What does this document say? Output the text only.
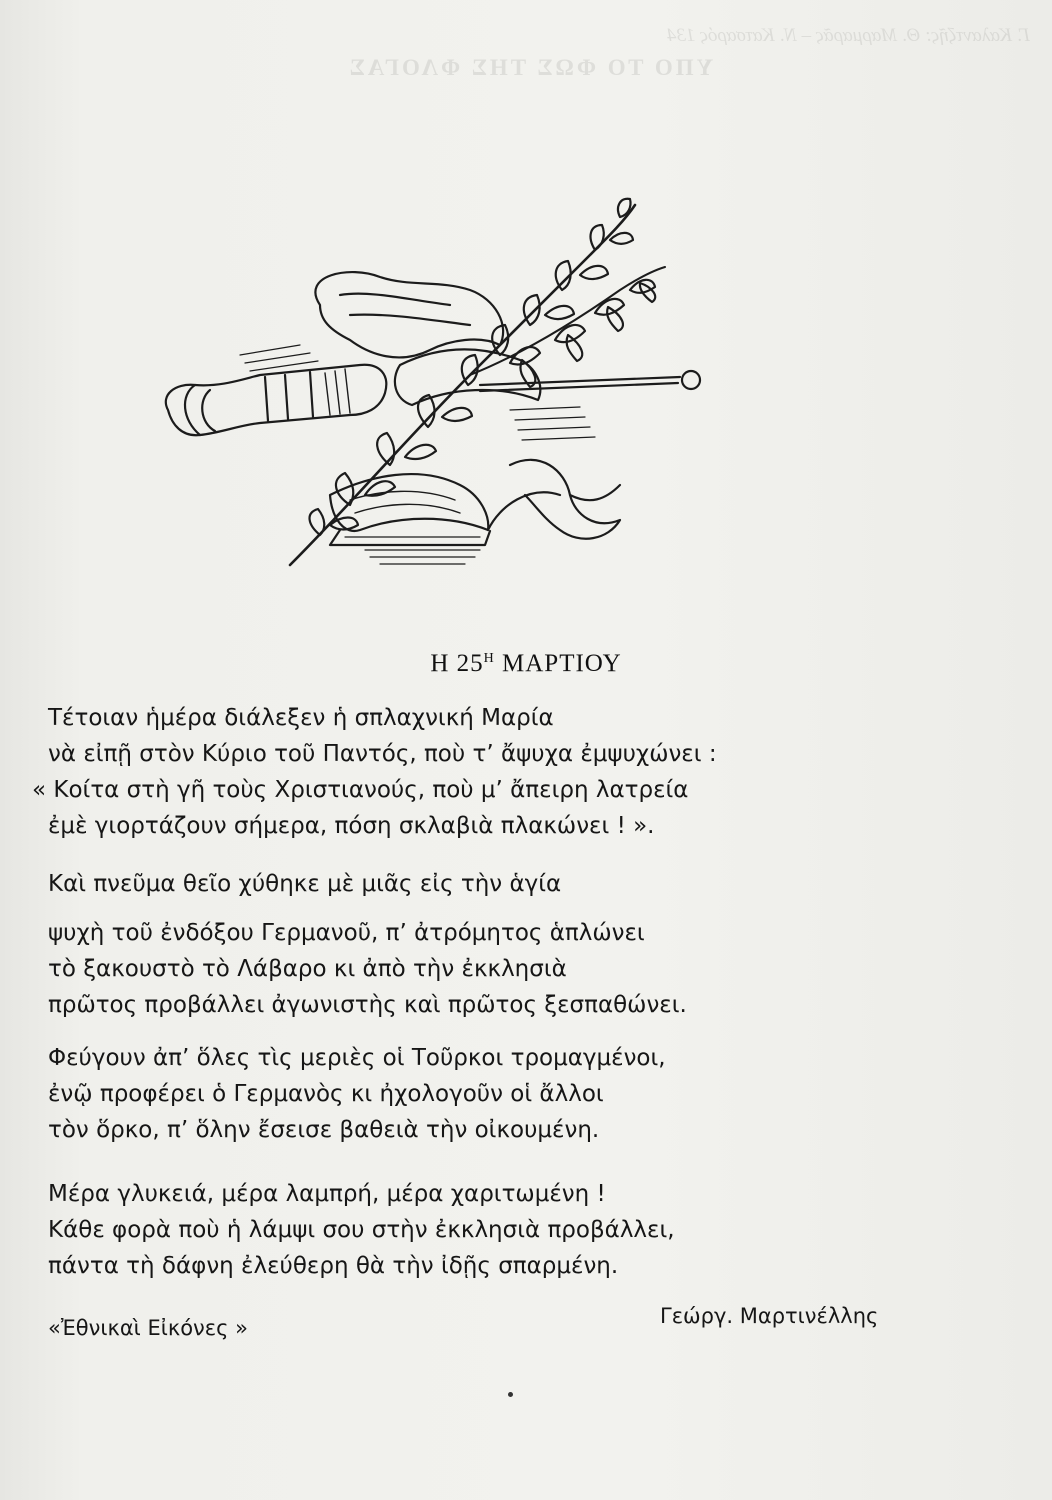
Γ. Καλαντζῆς: Θ. Μαρμαρᾶς – Ν. Κατσαρός 134
ΥΠΟ ΤΟ ΦΩΣ ΤΗΣ ΦΛΟΓΑΣ
Η $25^H$ ΜΑΡΤΙΟΥ
Τέτοιαν ἡμέρα διάλεξεν ἡ σπλαχνική Μαρία
νὰ εἰπῇ στὸν Κύριο τοῦ Παντός, ποὺ τ’ ἄψυχα ἐμψυχώνει :
« Κοίτα στὴ γῆ τοὺς Χριστιανούς, ποὺ μ’ ἄπειρη λατρεία
ἐμὲ γιορτάζουν σήμερα, πόση σκλαβιὰ πλακώνει ! ».
Καὶ πνεῦμα θεῖο χύθηκε μὲ μιᾶς εἰς τὴν ἁγία
ψυχὴ τοῦ ἐνδόξου Γερμανοῦ, π’ ἀτρόμητος ἁπλώνει
τὸ ξακουστὸ τὸ Λάβαρο κι ἀπὸ τὴν ἐκκλησιὰ
πρῶτος προβάλλει ἀγωνιστὴς καὶ πρῶτος ξεσπαθώνει.
Φεύγουν ἀπ’ ὅλες τὶς μεριὲς οἱ Τοῦρκοι τρομαγμένοι,
ἐνῷ προφέρει ὁ Γερμανὸς κι ἠχολογοῦν οἱ ἄλλοι
τὸν ὅρκο, π’ ὅλην ἔσεισε βαθειὰ τὴν οἰκουμένη.
Μέρα γλυκειά, μέρα λαμπρή, μέρα χαριτωμένη !
Κάθε φορὰ ποὺ ἡ λάμψι σου στὴν ἐκκλησιὰ προβάλλει,
πάντα τὴ δάφνη ἐλεύθερη θὰ τὴν ἰδῇς σπαρμένη.
«Ἐθνικαὶ Εἰκόνες »	Γεώργ. Μαρτινέλλης
